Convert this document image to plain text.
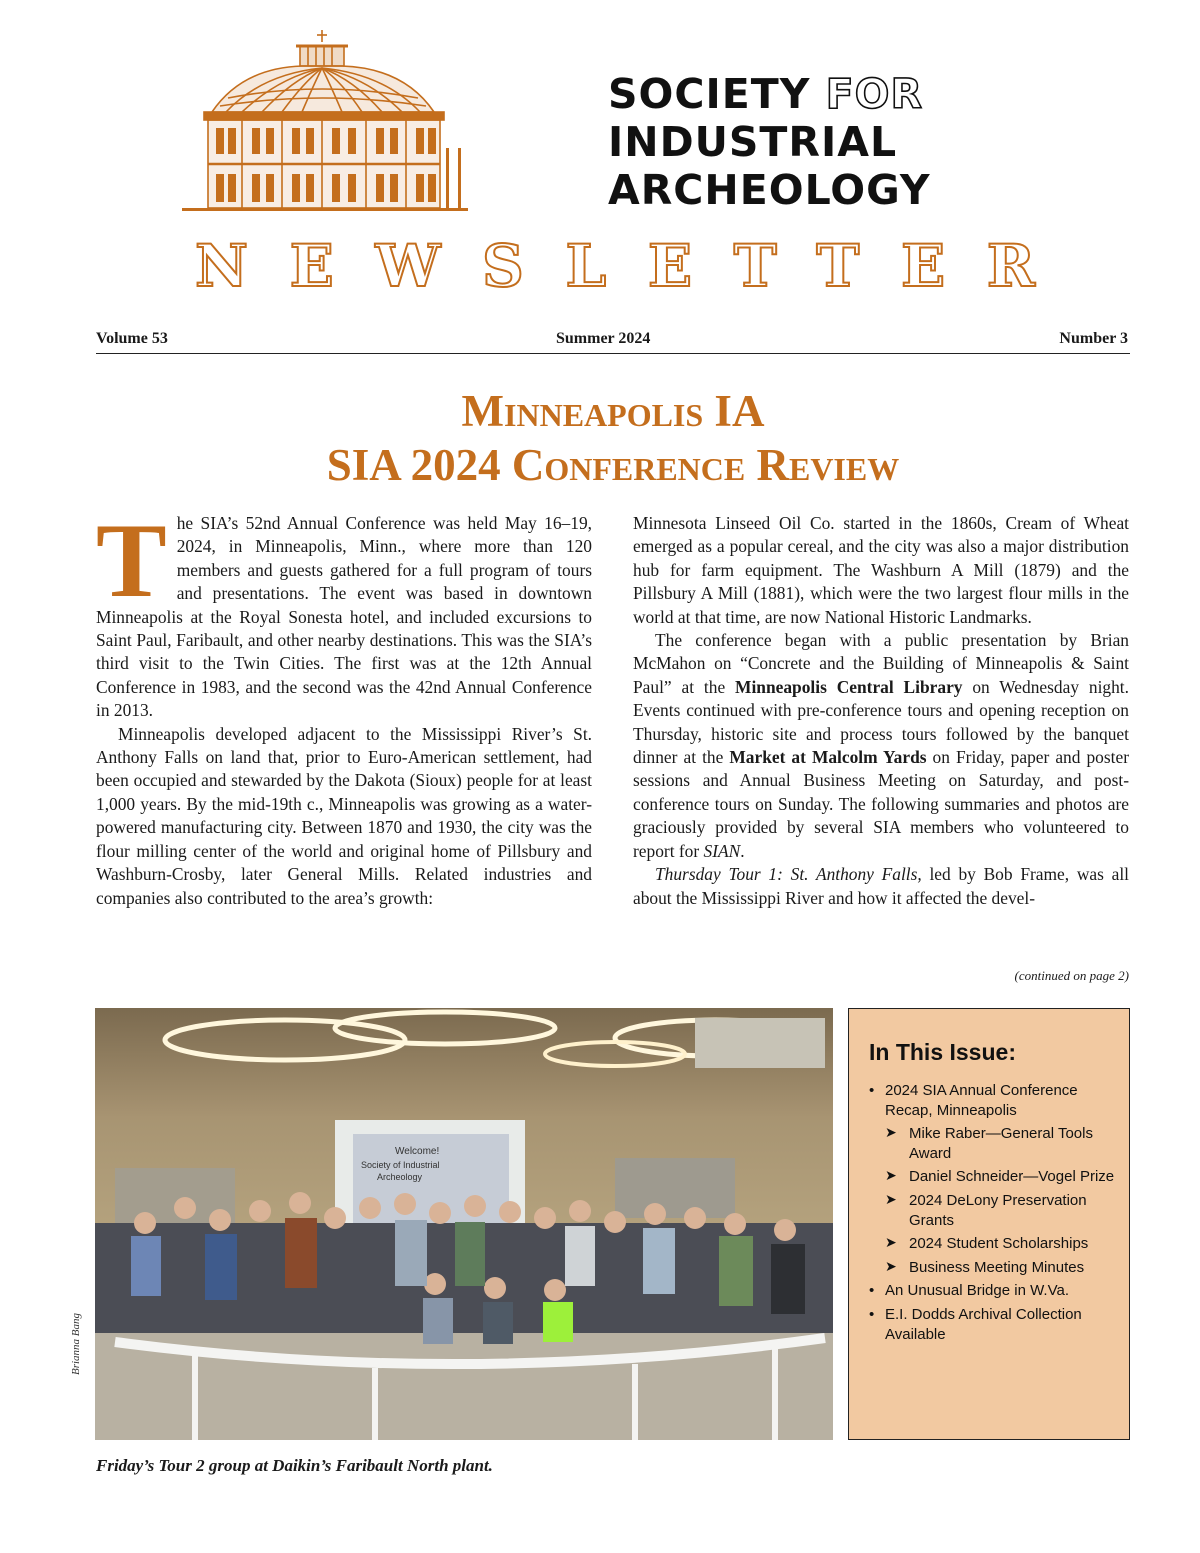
SOCIETY FOR
INDUSTRIAL
ARCHEOLOGY
NEWSLETTER
Volume 53	Summer 2024	Number 3
Minneapolis IA
SIA 2024 Conference Review

The SIA’s 52nd Annual Conference was held May 16–19, 2024, in Minneapolis, Minn., where more than 120 members and guests gathered for a full program of tours and presentations. The event was based in downtown Minneapolis at the Royal Sonesta hotel, and included excursions to Saint Paul, Faribault, and other nearby destinations. This was the SIA’s third visit to the Twin Cities. The first was at the 12th Annual Conference in 1983, and the second was the 42nd Annual Conference in 2013.

Minneapolis developed adjacent to the Mississippi River’s St. Anthony Falls on land that, prior to Euro-American settlement, had been occupied and stewarded by the Dakota (Sioux) people for at least 1,000 years. By the mid-19th c., Minneapolis was growing as a water-powered manufacturing city. Between 1870 and 1930, the city was the flour milling center of the world and original home of Pillsbury and Washburn-Crosby, later General Mills. Related industries and companies also contributed to the area’s growth:

Minnesota Linseed Oil Co. started in the 1860s, Cream of Wheat emerged as a popular cereal, and the city was also a major distribution hub for farm equipment. The Washburn A Mill (1879) and the Pillsbury A Mill (1881), which were the two largest flour mills in the world at that time, are now National Historic Landmarks.

The conference began with a public presentation by Brian McMahon on “Concrete and the Building of Minneapolis & Saint Paul” at the Minneapolis Central Library on Wednesday night. Events continued with pre-conference tours and opening reception on Thursday, historic site and process tours followed by the banquet dinner at the Market at Malcolm Yards on Friday, paper and poster sessions and Annual Business Meeting on Saturday, and post-conference tours on Sunday. The following summaries and photos are graciously provided by several SIA members who volunteered to report for SIAN.

Thursday Tour 1: St. Anthony Falls, led by Bob Frame, was all about the Mississippi River and how it affected the devel-

(continued on page 2)
Welcome!
Society of Industrial
Archeology
Brianna Bang
Friday’s Tour 2 group at Daikin’s Faribault North plant.
In This Issue:
• 2024 SIA Annual Conference Recap, Minneapolis
➤ Mike Raber—General Tools Award
➤ Daniel Schneider—Vogel Prize
➤ 2024 DeLony Preservation Grants
➤ 2024 Student Scholarships
➤ Business Meeting Minutes
• An Unusual Bridge in W.Va.
• E.I. Dodds Archival Collection Available
